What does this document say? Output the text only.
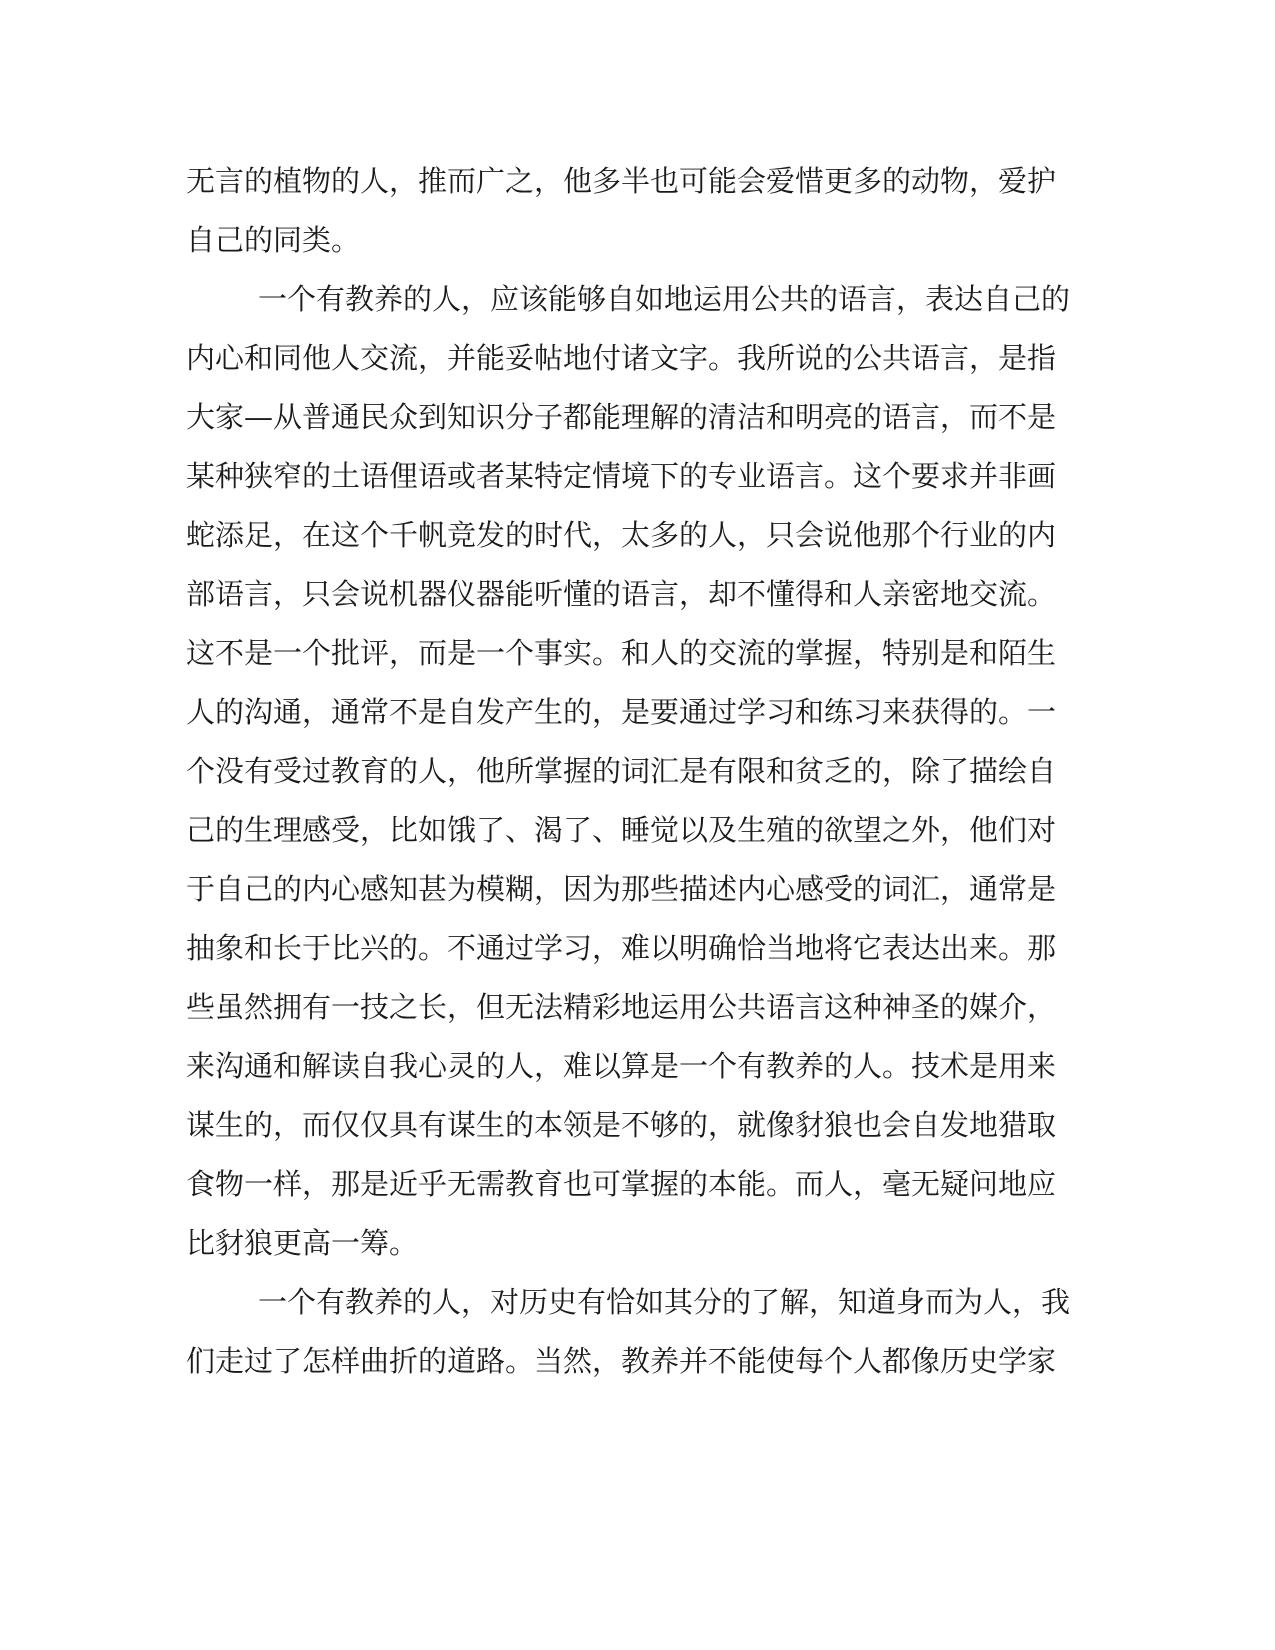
无言的植物的人，推而广之，他多半也可能会爱惜更多的动物，爱护
自己的同类。
一个有教养的人，应该能够自如地运用公共的语言，表达自己的
内心和同他人交流，并能妥帖地付诸文字。我所说的公共语言，是指
大家—从普通民众到知识分子都能理解的清洁和明亮的语言，而不是
某种狭窄的土语俚语或者某特定情境下的专业语言。这个要求并非画
蛇添足，在这个千帆竞发的时代，太多的人，只会说他那个行业的内
部语言，只会说机器仪器能听懂的语言，却不懂得和人亲密地交流。
这不是一个批评，而是一个事实。和人的交流的掌握，特别是和陌生
人的沟通，通常不是自发产生的，是要通过学习和练习来获得的。一
个没有受过教育的人，他所掌握的词汇是有限和贫乏的，除了描绘自
己的生理感受，比如饿了、渴了、睡觉以及生殖的欲望之外，他们对
于自己的内心感知甚为模糊，因为那些描述内心感受的词汇，通常是
抽象和长于比兴的。不通过学习，难以明确恰当地将它表达出来。那
些虽然拥有一技之长，但无法精彩地运用公共语言这种神圣的媒介，
来沟通和解读自我心灵的人，难以算是一个有教养的人。技术是用来
谋生的，而仅仅具有谋生的本领是不够的，就像豺狼也会自发地猎取
食物一样，那是近乎无需教育也可掌握的本能。而人，毫无疑问地应
比豺狼更高一筹。
一个有教养的人，对历史有恰如其分的了解，知道身而为人，我
们走过了怎样曲折的道路。当然，教养并不能使每个人都像历史学家
